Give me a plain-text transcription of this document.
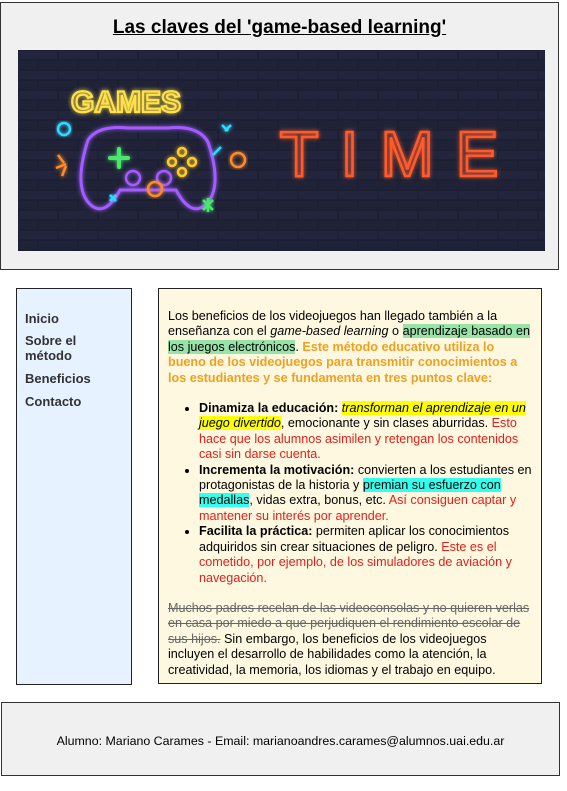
Las claves del 'game-based learning'
GAMES
TIME
Inicio
Sobre el método
Beneficios
Contacto

Los beneficios de los videojuegos han llegado también a la enseñanza con el game-based learning o aprendizaje basado en los juegos electrónicos. Este método educativo utiliza lo bueno de los videojuegos para transmitir conocimientos a los estudiantes y se fundamenta en tres puntos clave:

• Dinamiza la educación: transforman el aprendizaje en un juego divertido, emocionante y sin clases aburridas. Esto hace que los alumnos asimilen y retengan los contenidos casi sin darse cuenta.
• Incrementa la motivación: convierten a los estudiantes en protagonistas de la historia y premian su esfuerzo con medallas, vidas extra, bonus, etc. Así consiguen captar y mantener su interés por aprender.
• Facilita la práctica: permiten aplicar los conocimientos adquiridos sin crear situaciones de peligro. Este es el cometido, por ejemplo, de los simuladores de aviación y navegación.

Muchos padres recelan de las videoconsolas y no quieren verlas en casa por miedo a que perjudiquen el rendimiento escolar de sus hijos. Sin embargo, los beneficios de los videojuegos incluyen el desarrollo de habilidades como la atención, la creatividad, la memoria, los idiomas y el trabajo en equipo.

Alumno: Mariano Carames - Email: marianoandres.carames@alumnos.uai.edu.ar
